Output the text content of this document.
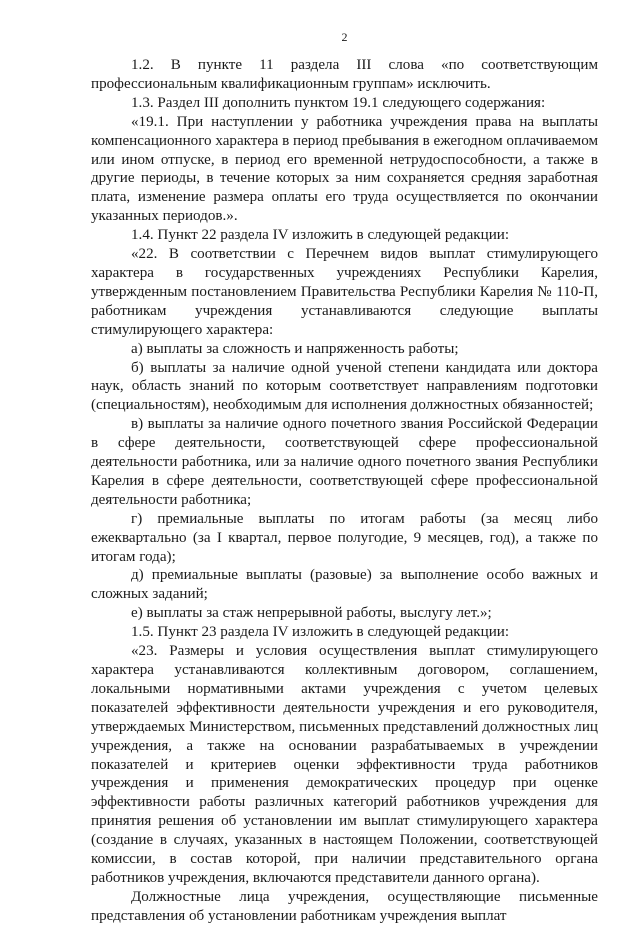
2

1.2. В пункте 11 раздела III слова «по соответствующим профессиональным квалификационным группам» исключить.

1.3. Раздел III дополнить пунктом 19.1 следующего содержания:

«19.1. При наступлении у работника учреждения права на выплаты компенсационного характера в период пребывания в ежегодном оплачиваемом или ином отпуске, в период его временной нетрудоспособности, а также в другие периоды, в течение которых за ним сохраняется средняя заработная плата, изменение размера оплаты его труда осуществляется по окончании указанных периодов.».

1.4. Пункт 22 раздела IV изложить в следующей редакции:

«22. В соответствии с Перечнем видов выплат стимулирующего характера в государственных учреждениях Республики Карелия, утвержденным постановлением Правительства Республики Карелия № 110-П, работникам учреждения устанавливаются следующие выплаты стимулирующего характера:

а) выплаты за сложность и напряженность работы;

б) выплаты за наличие одной ученой степени кандидата или доктора наук, область знаний по которым соответствует направлениям подготовки (специальностям), необходимым для исполнения должностных обязанностей;

в) выплаты за наличие одного почетного звания Российской Федерации в сфере деятельности, соответствующей сфере профессиональной деятельности работника, или за наличие одного почетного звания Республики Карелия в сфере деятельности, соответствующей сфере профессиональной деятельности работника;

г) премиальные выплаты по итогам работы (за месяц либо ежеквартально (за I квартал, первое полугодие, 9 месяцев, год), а также по итогам года);

д) премиальные выплаты (разовые) за выполнение особо важных и сложных заданий;

е) выплаты за стаж непрерывной работы, выслугу лет.»;

1.5. Пункт 23 раздела IV изложить в следующей редакции:

«23. Размеры и условия осуществления выплат стимулирующего характера устанавливаются коллективным договором, соглашением, локальными нормативными актами учреждения с учетом целевых показателей эффективности деятельности учреждения и его руководителя, утверждаемых Министерством, письменных представлений должностных лиц учреждения, а также на основании разрабатываемых в учреждении показателей и критериев оценки эффективности труда работников учреждения и применения демократических процедур при оценке эффективности работы различных категорий работников учреждения для принятия решения об установлении им выплат стимулирующего характера (создание в случаях, указанных в настоящем Положении, соответствующей комиссии, в состав которой, при наличии представительного органа работников учреждения, включаются представители данного органа).

Должностные лица учреждения, осуществляющие письменные представления об установлении работникам учреждения выплат
